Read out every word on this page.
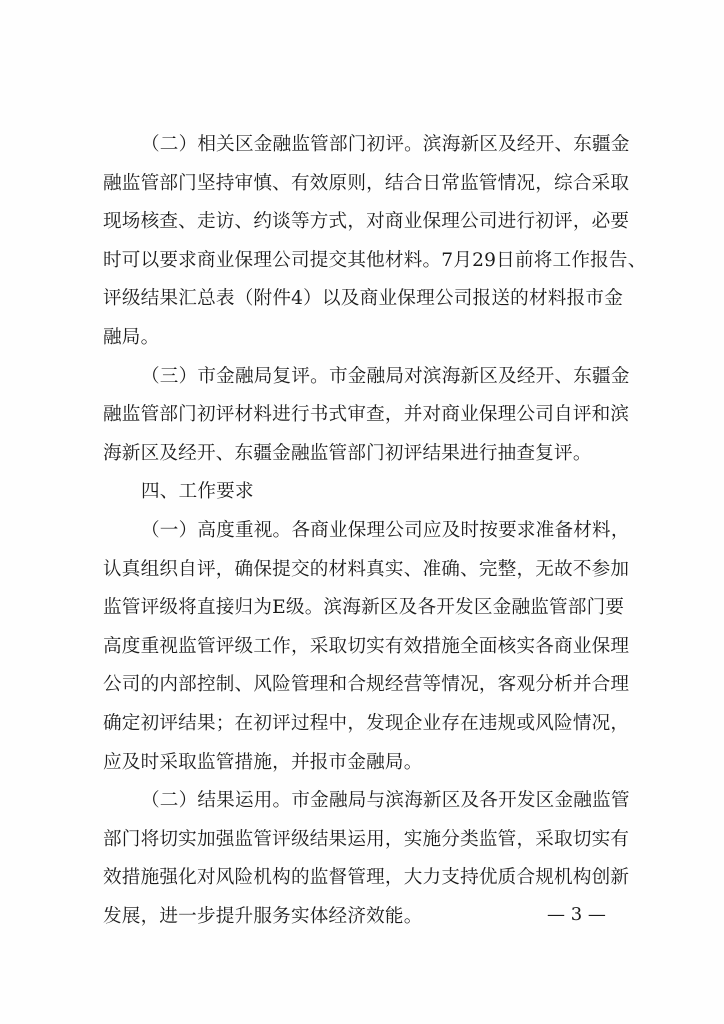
（二）相关区金融监管部门初评。滨海新区及经开、东疆金
融监管部门坚持审慎、有效原则，结合日常监管情况，综合采取
现场核查、走访、约谈等方式，对商业保理公司进行初评，必要
时可以要求商业保理公司提交其他材料。7月29日前将工作报告、
评级结果汇总表（附件4）以及商业保理公司报送的材料报市金
融局。
（三）市金融局复评。市金融局对滨海新区及经开、东疆金
融监管部门初评材料进行书式审查，并对商业保理公司自评和滨
海新区及经开、东疆金融监管部门初评结果进行抽查复评。
四、工作要求
（一）高度重视。各商业保理公司应及时按要求准备材料，
认真组织自评，确保提交的材料真实、准确、完整，无故不参加
监管评级将直接归为E级。滨海新区及各开发区金融监管部门要
高度重视监管评级工作，采取切实有效措施全面核实各商业保理
公司的内部控制、风险管理和合规经营等情况，客观分析并合理
确定初评结果；在初评过程中，发现企业存在违规或风险情况，
应及时采取监管措施，并报市金融局。
（二）结果运用。市金融局与滨海新区及各开发区金融监管
部门将切实加强监管评级结果运用，实施分类监管，采取切实有
效措施强化对风险机构的监督管理，大力支持优质合规机构创新
发展，进一步提升服务实体经济效能。	— 3 —
